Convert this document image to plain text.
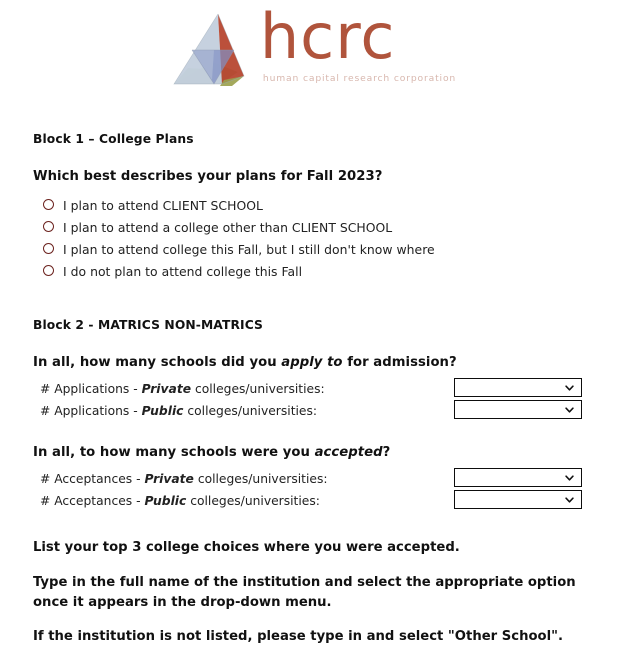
hcrc
human capital research corporation
Block 1 – College Plans
Which best describes your plans for Fall 2023?
I plan to attend CLIENT SCHOOL
I plan to attend a college other than CLIENT SCHOOL
I plan to attend college this Fall, but I still don't know where
I do not plan to attend college this Fall
Block 2 - MATRICS NON-MATRICS
In all, how many schools did you apply to for admission?
# Applications - Private colleges/universities:
# Applications - Public colleges/universities:
In all, to how many schools were you accepted?
# Acceptances - Private colleges/universities:
# Acceptances - Public colleges/universities:
List your top 3 college choices where you were accepted.
Type in the full name of the institution and select the appropriate option once it appears in the drop-down menu.
If the institution is not listed, please type in and select "Other School".
